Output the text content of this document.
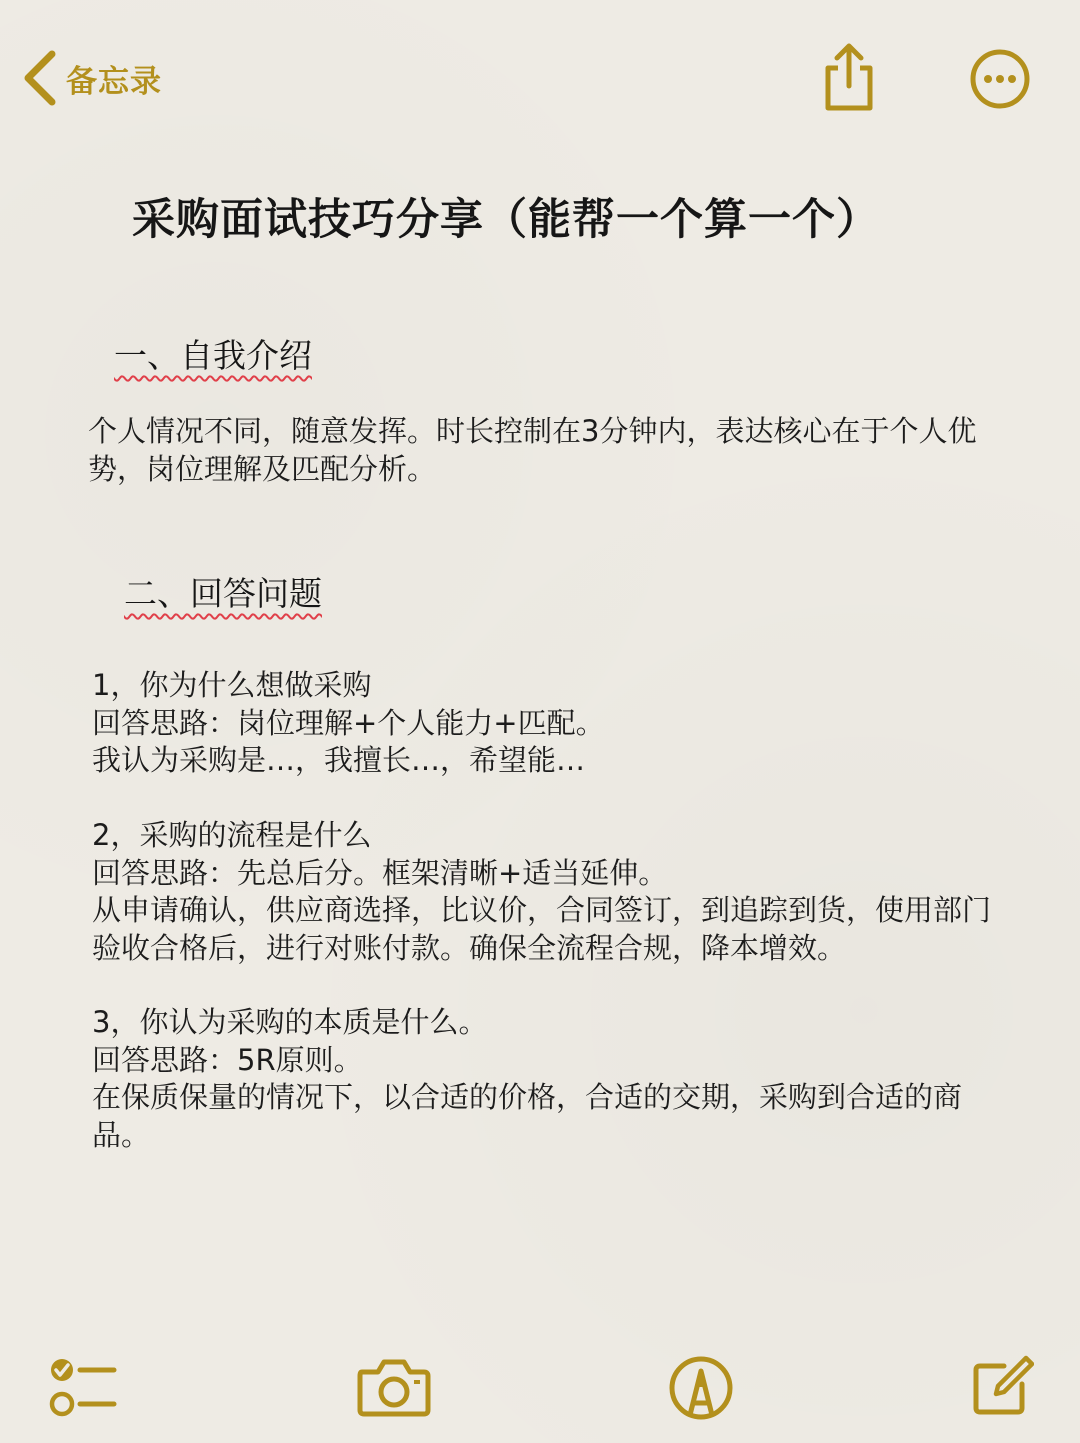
备忘录
采购面试技巧分享（能帮一个算一个）
一、自我介绍
个人情况不同，随意发挥。时长控制在3分钟内，表达核心在于个人优势，岗位理解及匹配分析。
二、回答问题
1，你为什么想做采购
回答思路：岗位理解+个人能力+匹配。
我认为采购是…，我擅长…，希望能…
2，采购的流程是什么
回答思路：先总后分。框架清晰+适当延伸。
从申请确认，供应商选择，比议价，合同签订，到追踪到货，使用部门验收合格后，进行对账付款。确保全流程合规，降本增效。
3，你认为采购的本质是什么。
回答思路：5R原则。
在保质保量的情况下，以合适的价格，合适的交期，采购到合适的商品。
